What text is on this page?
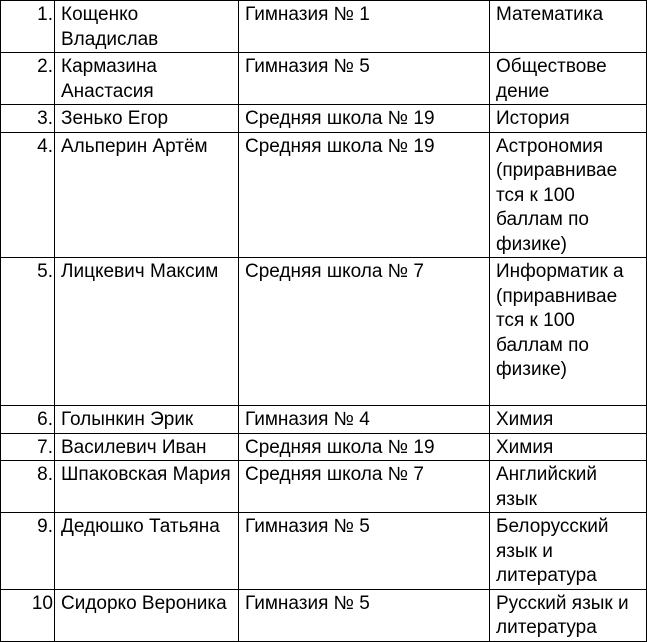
1.	Кощенко Владислав	Гимназия № 1	Математика
2.	Кармазина Анастасия	Гимназия № 5	Обществове дение
3.	Зенько Егор	Средняя школа № 19	История
4.	Альперин Артём	Средняя школа № 19	Астрономия (приравнивае тся к 100 баллам по физике)
5.	Лицкевич Максим	Средняя школа № 7	Информатик а (приравнивае тся к 100 баллам по физике)
6.	Голынкин Эрик	Гимназия № 4	Химия
7.	Василевич Иван	Средняя школа № 19	Химия
8.	Шпаковская Мария	Средняя школа № 7	Английский язык
9.	Дедюшко Татьяна	Гимназия № 5	Белорусский язык и литература
10	Сидорко Вероника	Гимназия № 5	Русский язык и литература
